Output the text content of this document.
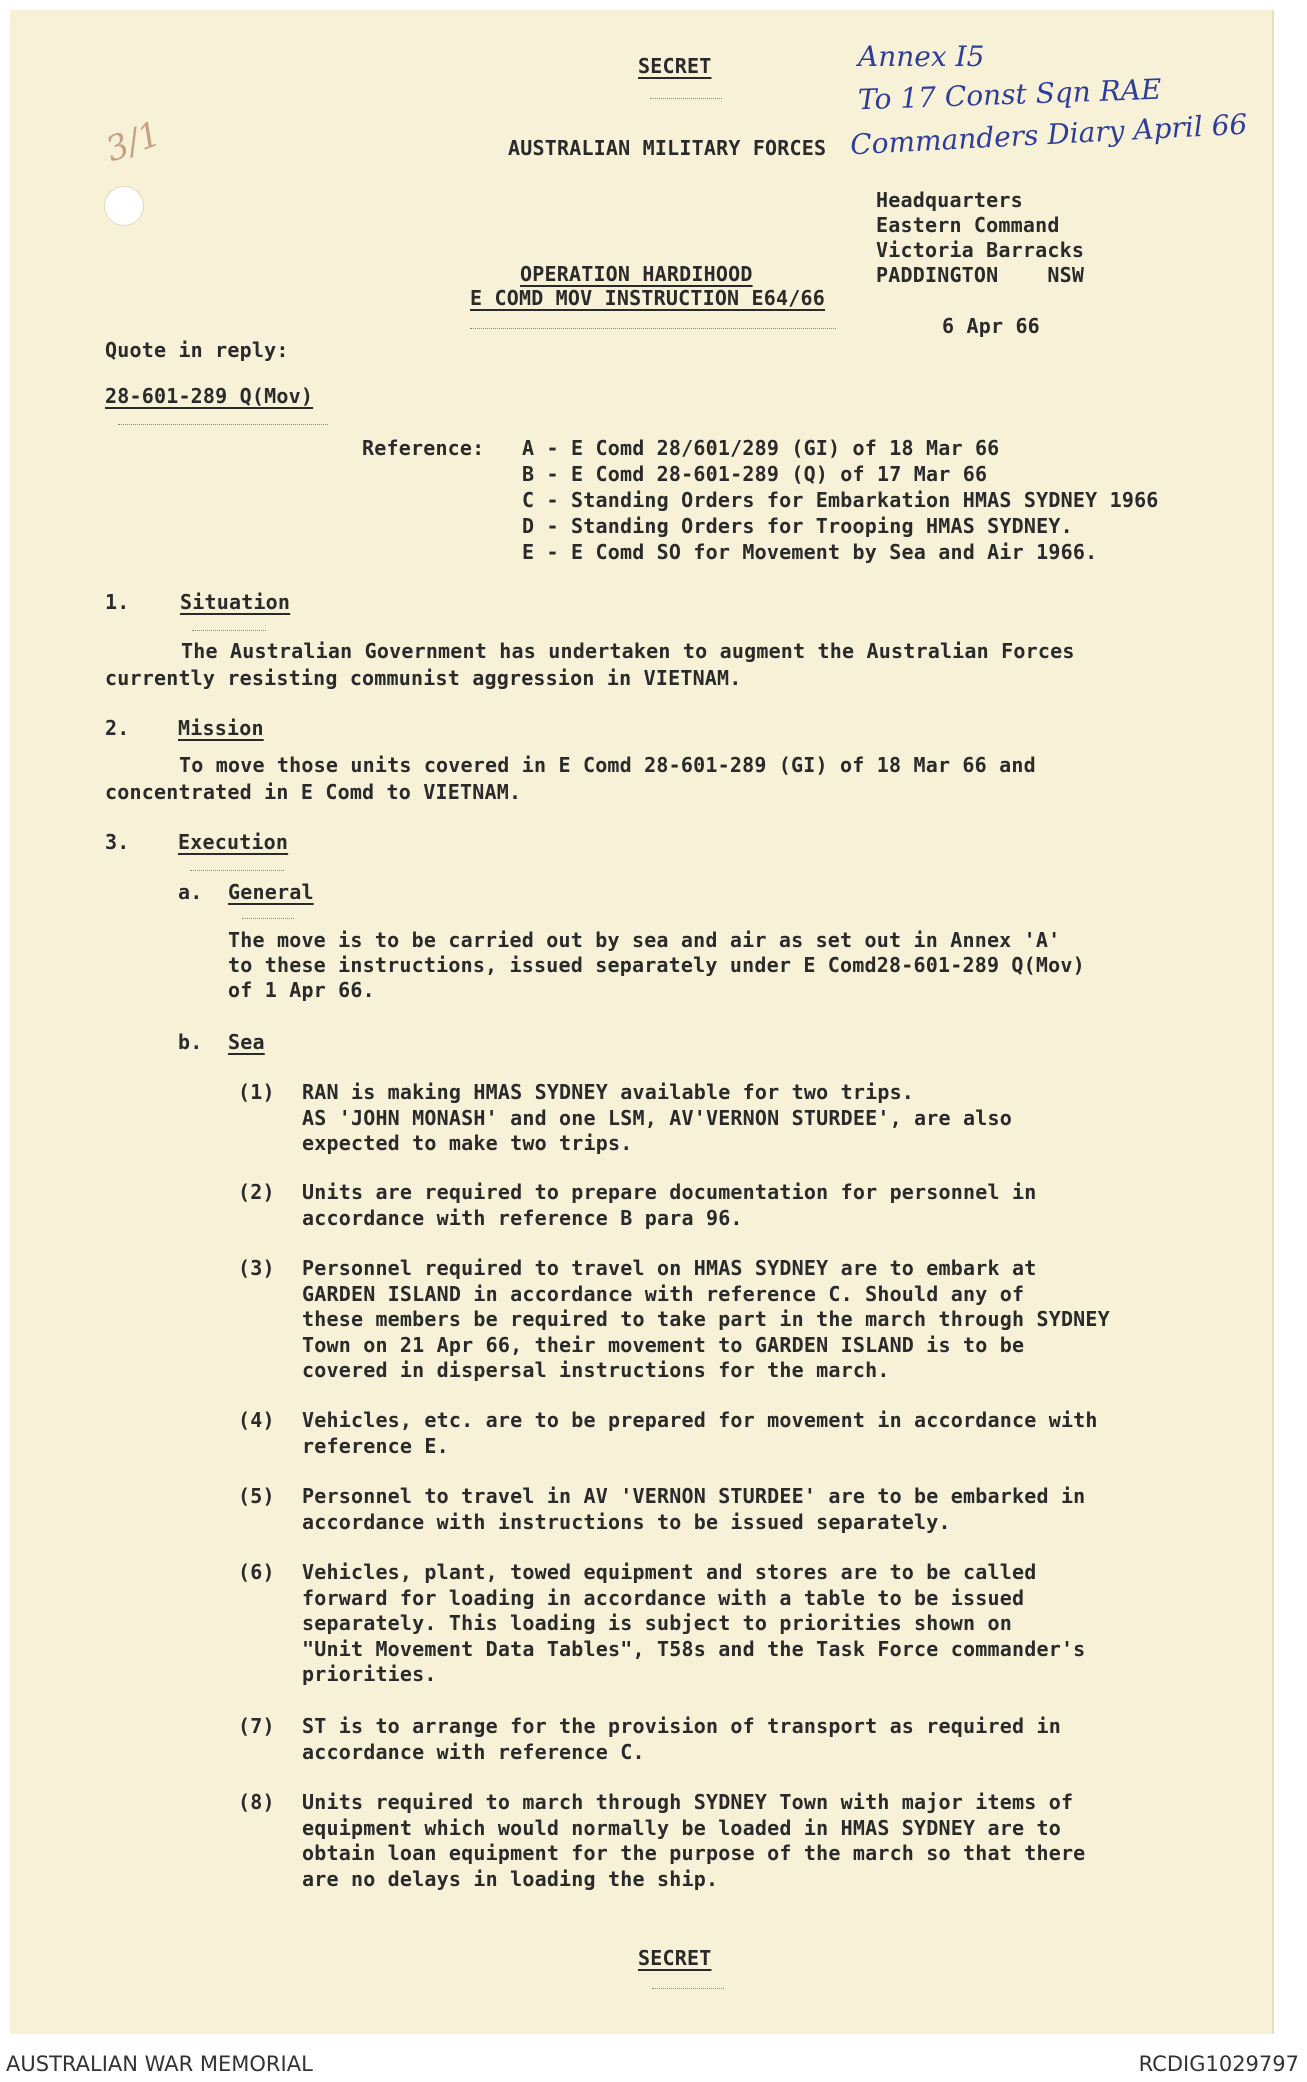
3/1
SECRET
AUSTRALIAN MILITARY FORCES
Annex I5
To 17 Const Sqn RAE
Commanders Diary April 66
Headquarters
Eastern Command
Victoria Barracks
PADDINGTON    NSW
OPERATION HARDIHOOD
E COMD MOV INSTRUCTION E64/66
6 Apr 66
Quote in reply:
28-601-289 Q(Mov)
Reference: A - E Comd 28/601/289 (GI) of 18 Mar 66
B - E Comd 28-601-289 (Q) of 17 Mar 66
C - Standing Orders for Embarkation HMAS SYDNEY 1966
D - Standing Orders for Trooping HMAS SYDNEY.
E - E Comd SO for Movement by Sea and Air 1966.
1.	Situation
The Australian Government has undertaken to augment the Australian Forces
currently resisting communist aggression in VIETNAM.
2. Mission
To move those units covered in E Comd 28-601-289 (GI) of 18 Mar 66 and
concentrated in E Comd to VIETNAM.
3. Execution
a. General
The move is to be carried out by sea and air as set out in Annex 'A'
to these instructions, issued separately under E Comd28-601-289 Q(Mov)
of 1 Apr 66.
b. Sea
(1) RAN is making HMAS SYDNEY available for two trips.
AS 'JOHN MONASH' and one LSM, AV'VERNON STURDEE', are also
expected to make two trips.
(2) Units are required to prepare documentation for personnel in
accordance with reference B para 96.
(3) Personnel required to travel on HMAS SYDNEY are to embark at
GARDEN ISLAND in accordance with reference C. Should any of
these members be required to take part in the march through SYDNEY
Town on 21 Apr 66, their movement to GARDEN ISLAND is to be
covered in dispersal instructions for the march.
(4) Vehicles, etc. are to be prepared for movement in accordance with
reference E.
(5) Personnel to travel in AV 'VERNON STURDEE' are to be embarked in
accordance with instructions to be issued separately.
(6) Vehicles, plant, towed equipment and stores are to be called
forward for loading in accordance with a table to be issued
separately. This loading is subject to priorities shown on
"Unit Movement Data Tables", T58s and the Task Force commander's
priorities.
(7) ST is to arrange for the provision of transport as required in
accordance with reference C.
(8) Units required to march through SYDNEY Town with major items of
equipment which would normally be loaded in HMAS SYDNEY are to
obtain loan equipment for the purpose of the march so that there
are no delays in loading the ship.
SECRET
AUSTRALIAN WAR MEMORIAL	RCDIG1029797
